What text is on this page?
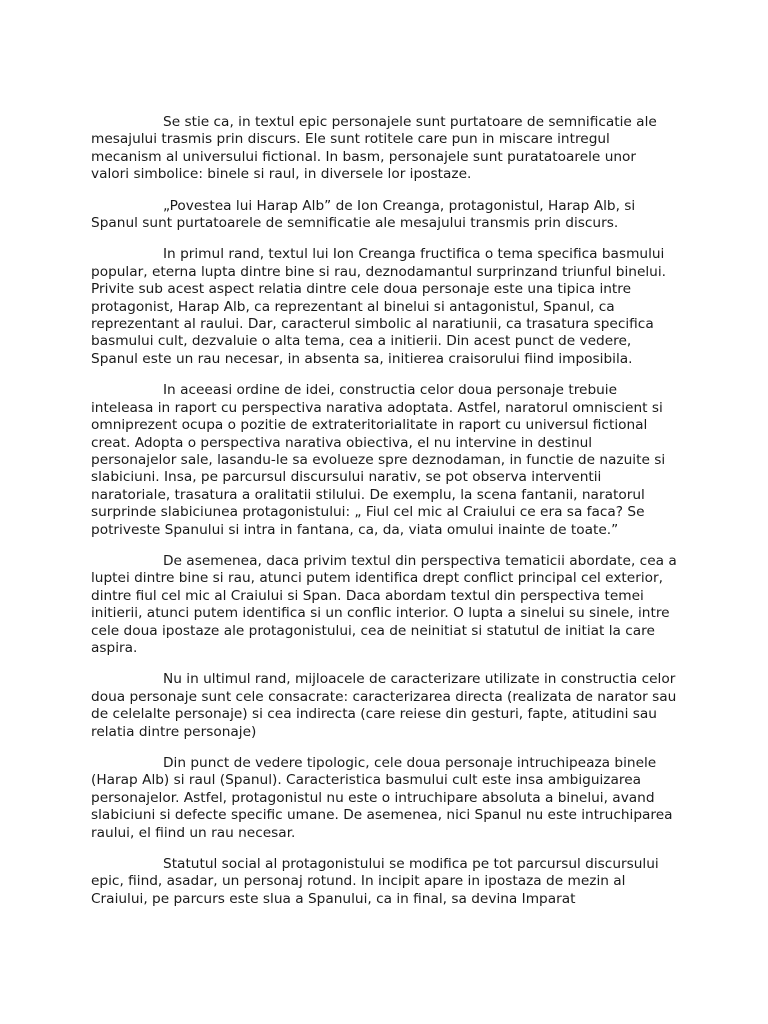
Se stie ca, in textul epic personajele sunt purtatoare de semnificatie ale mesajului trasmis prin discurs. Ele sunt rotitele care pun in miscare intregul mecanism al universului fictional. In basm, personajele sunt puratatoarele unor valori simbolice: binele si raul, in diversele lor ipostaze.

„Povestea lui Harap Alb” de Ion Creanga, protagonistul, Harap Alb, si Spanul sunt purtatoarele de semnificatie ale mesajului transmis prin discurs.

In primul rand, textul lui Ion Creanga fructifica o tema specifica basmului popular, eterna lupta dintre bine si rau, deznodamantul surprinzand triunful binelui. Privite sub acest aspect relatia dintre cele doua personaje este una tipica intre protagonist, Harap Alb, ca reprezentant al binelui si antagonistul, Spanul, ca reprezentant al raului. Dar, caracterul simbolic al naratiunii, ca trasatura specifica basmului cult, dezvaluie o alta tema, cea a initierii. Din acest punct de vedere, Spanul este un rau necesar, in absenta sa, initierea craisorului fiind imposibila.

In aceeasi ordine de idei, constructia celor doua personaje trebuie inteleasa in raport cu perspectiva narativa adoptata. Astfel, naratorul omniscient si omniprezent ocupa o pozitie de extrateritorialitate in raport cu universul fictional creat. Adopta o perspectiva narativa obiectiva, el nu intervine in destinul personajelor sale, lasandu-le sa evolueze spre deznodaman, in functie de nazuite si slabiciuni. Insa, pe parcursul discursului narativ, se pot observa interventii naratoriale, trasatura a oralitatii stilului. De exemplu, la scena fantanii, naratorul surprinde slabiciunea protagonistului: „ Fiul cel mic al Craiului ce era sa faca? Se potriveste Spanului si intra in fantana, ca, da, viata omului inainte de toate.”

De asemenea, daca privim textul din perspectiva tematicii abordate, cea a luptei dintre bine si rau, atunci putem identifica drept conflict principal cel exterior, dintre fiul cel mic al Craiului si Span. Daca abordam textul din perspectiva temei initierii, atunci putem identifica si un conflic interior. O lupta a sinelui su sinele, intre cele doua ipostaze ale protagonistului, cea de neinitiat si statutul de initiat la care aspira.

Nu in ultimul rand, mijloacele de caracterizare utilizate in constructia celor doua personaje sunt cele consacrate: caracterizarea directa (realizata de narator sau de celelalte personaje) si cea indirecta (care reiese din gesturi, fapte, atitudini sau relatia dintre personaje)

Din punct de vedere tipologic, cele doua personaje intruchipeaza binele (Harap Alb) si raul (Spanul). Caracteristica basmului cult este insa ambiguizarea personajelor. Astfel, protagonistul nu este o intruchipare absoluta a binelui, avand slabiciuni si defecte specific umane. De asemenea, nici Spanul nu este intruchiparea raului, el fiind un rau necesar.

Statutul social al protagonistului se modifica pe tot parcursul discursului epic, fiind, asadar, un personaj rotund. In incipit apare in ipostaza de mezin al Craiului, pe parcurs este slua a Spanului, ca in final, sa devina Imparat
